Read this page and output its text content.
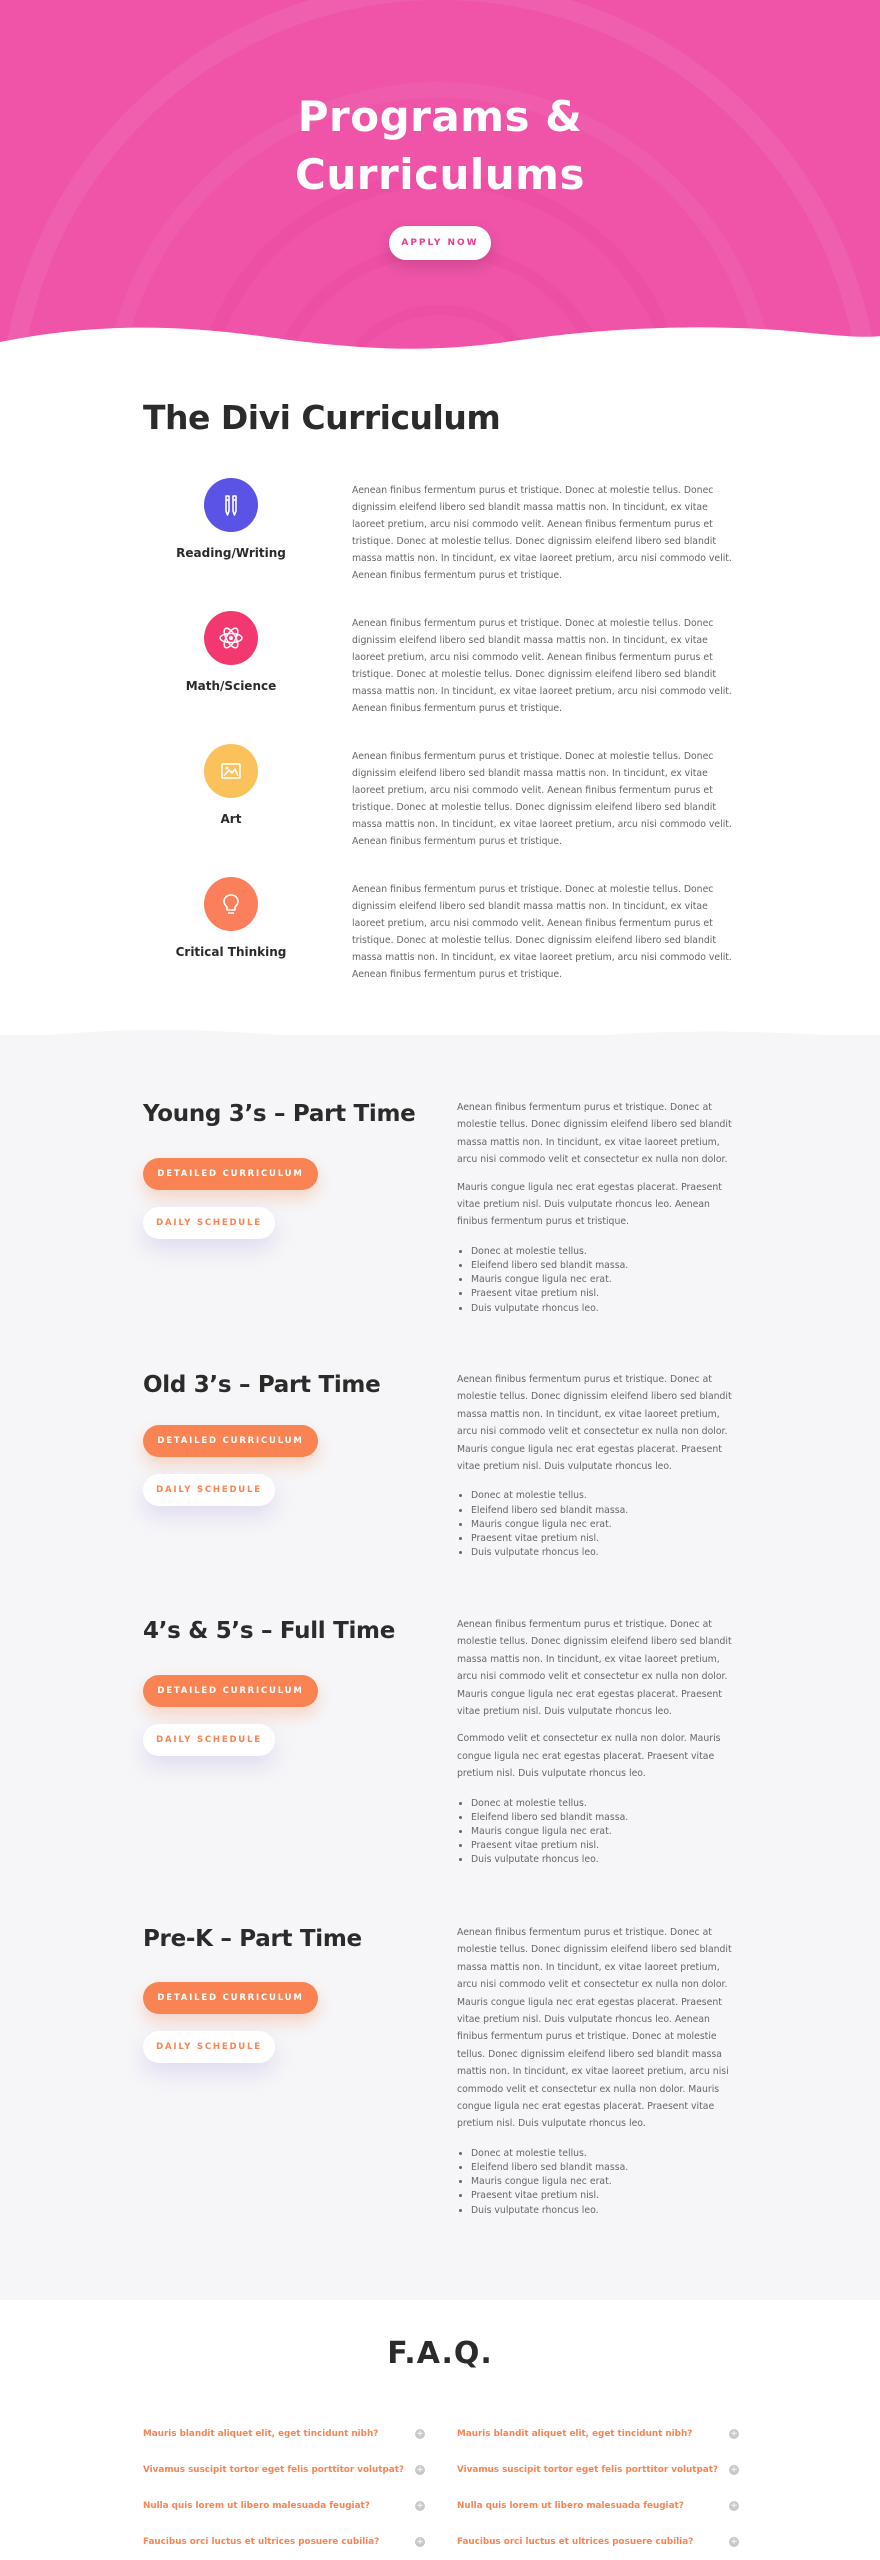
Programs &
Curriculums
APPLY NOW
The Divi Curriculum
Reading/Writing
Aenean finibus fermentum purus et tristique. Donec at molestie tellus. Donec dignissim eleifend libero sed blandit massa mattis non. In tincidunt, ex vitae laoreet pretium, arcu nisi commodo velit. Aenean finibus fermentum purus et tristique. Donec at molestie tellus. Donec dignissim eleifend libero sed blandit massa mattis non. In tincidunt, ex vitae laoreet pretium, arcu nisi commodo velit. Aenean finibus fermentum purus et tristique.
Math/Science
Aenean finibus fermentum purus et tristique. Donec at molestie tellus. Donec dignissim eleifend libero sed blandit massa mattis non. In tincidunt, ex vitae laoreet pretium, arcu nisi commodo velit. Aenean finibus fermentum purus et tristique. Donec at molestie tellus. Donec dignissim eleifend libero sed blandit massa mattis non. In tincidunt, ex vitae laoreet pretium, arcu nisi commodo velit. Aenean finibus fermentum purus et tristique.
Art
Aenean finibus fermentum purus et tristique. Donec at molestie tellus. Donec dignissim eleifend libero sed blandit massa mattis non. In tincidunt, ex vitae laoreet pretium, arcu nisi commodo velit. Aenean finibus fermentum purus et tristique. Donec at molestie tellus. Donec dignissim eleifend libero sed blandit massa mattis non. In tincidunt, ex vitae laoreet pretium, arcu nisi commodo velit. Aenean finibus fermentum purus et tristique.
Critical Thinking
Aenean finibus fermentum purus et tristique. Donec at molestie tellus. Donec dignissim eleifend libero sed blandit massa mattis non. In tincidunt, ex vitae laoreet pretium, arcu nisi commodo velit. Aenean finibus fermentum purus et tristique. Donec at molestie tellus. Donec dignissim eleifend libero sed blandit massa mattis non. In tincidunt, ex vitae laoreet pretium, arcu nisi commodo velit. Aenean finibus fermentum purus et tristique.
Young 3’s – Part Time
DETAILED CURRICULUM
DAILY SCHEDULE

Aenean finibus fermentum purus et tristique. Donec at molestie tellus. Donec dignissim eleifend libero sed blandit massa mattis non. In tincidunt, ex vitae laoreet pretium, arcu nisi commodo velit et consectetur ex nulla non dolor.

Mauris congue ligula nec erat egestas placerat. Praesent vitae pretium nisl. Duis vulputate rhoncus leo. Aenean finibus fermentum purus et tristique.

• Donec at molestie tellus.
• Eleifend libero sed blandit massa.
• Mauris congue ligula nec erat.
• Praesent vitae pretium nisl.
• Duis vulputate rhoncus leo.
Old 3’s – Part Time
DETAILED CURRICULUM
DAILY SCHEDULE

Aenean finibus fermentum purus et tristique. Donec at molestie tellus. Donec dignissim eleifend libero sed blandit massa mattis non. In tincidunt, ex vitae laoreet pretium, arcu nisi commodo velit et consectetur ex nulla non dolor. Mauris congue ligula nec erat egestas placerat. Praesent vitae pretium nisl. Duis vulputate rhoncus leo.

• Donec at molestie tellus.
• Eleifend libero sed blandit massa.
• Mauris congue ligula nec erat.
• Praesent vitae pretium nisl.
• Duis vulputate rhoncus leo.
4’s & 5’s – Full Time
DETAILED CURRICULUM
DAILY SCHEDULE

Aenean finibus fermentum purus et tristique. Donec at molestie tellus. Donec dignissim eleifend libero sed blandit massa mattis non. In tincidunt, ex vitae laoreet pretium, arcu nisi commodo velit et consectetur ex nulla non dolor. Mauris congue ligula nec erat egestas placerat. Praesent vitae pretium nisl. Duis vulputate rhoncus leo.

Commodo velit et consectetur ex nulla non dolor. Mauris congue ligula nec erat egestas placerat. Praesent vitae pretium nisl. Duis vulputate rhoncus leo.

• Donec at molestie tellus.
• Eleifend libero sed blandit massa.
• Mauris congue ligula nec erat.
• Praesent vitae pretium nisl.
• Duis vulputate rhoncus leo.
Pre-K – Part Time
DETAILED CURRICULUM
DAILY SCHEDULE

Aenean finibus fermentum purus et tristique. Donec at molestie tellus. Donec dignissim eleifend libero sed blandit massa mattis non. In tincidunt, ex vitae laoreet pretium, arcu nisi commodo velit et consectetur ex nulla non dolor. Mauris congue ligula nec erat egestas placerat. Praesent vitae pretium nisl. Duis vulputate rhoncus leo. Aenean finibus fermentum purus et tristique. Donec at molestie tellus. Donec dignissim eleifend libero sed blandit massa mattis non. In tincidunt, ex vitae laoreet pretium, arcu nisi commodo velit et consectetur ex nulla non dolor. Mauris congue ligula nec erat egestas placerat. Praesent vitae pretium nisl. Duis vulputate rhoncus leo.

• Donec at molestie tellus.
• Eleifend libero sed blandit massa.
• Mauris congue ligula nec erat.
• Praesent vitae pretium nisl.
• Duis vulputate rhoncus leo.
F.A.Q.
Mauris blandit aliquet elit, eget tincidunt nibh?	+
Vivamus suscipit tortor eget felis porttitor volutpat?	+
Nulla quis lorem ut libero malesuada feugiat?	+
Faucibus orci luctus et ultrices posuere cubilia?	+
Mauris blandit aliquet elit, eget tincidunt nibh?	+
Vivamus suscipit tortor eget felis porttitor volutpat?	+
Nulla quis lorem ut libero malesuada feugiat?	+
Faucibus orci luctus et ultrices posuere cubilia?	+
